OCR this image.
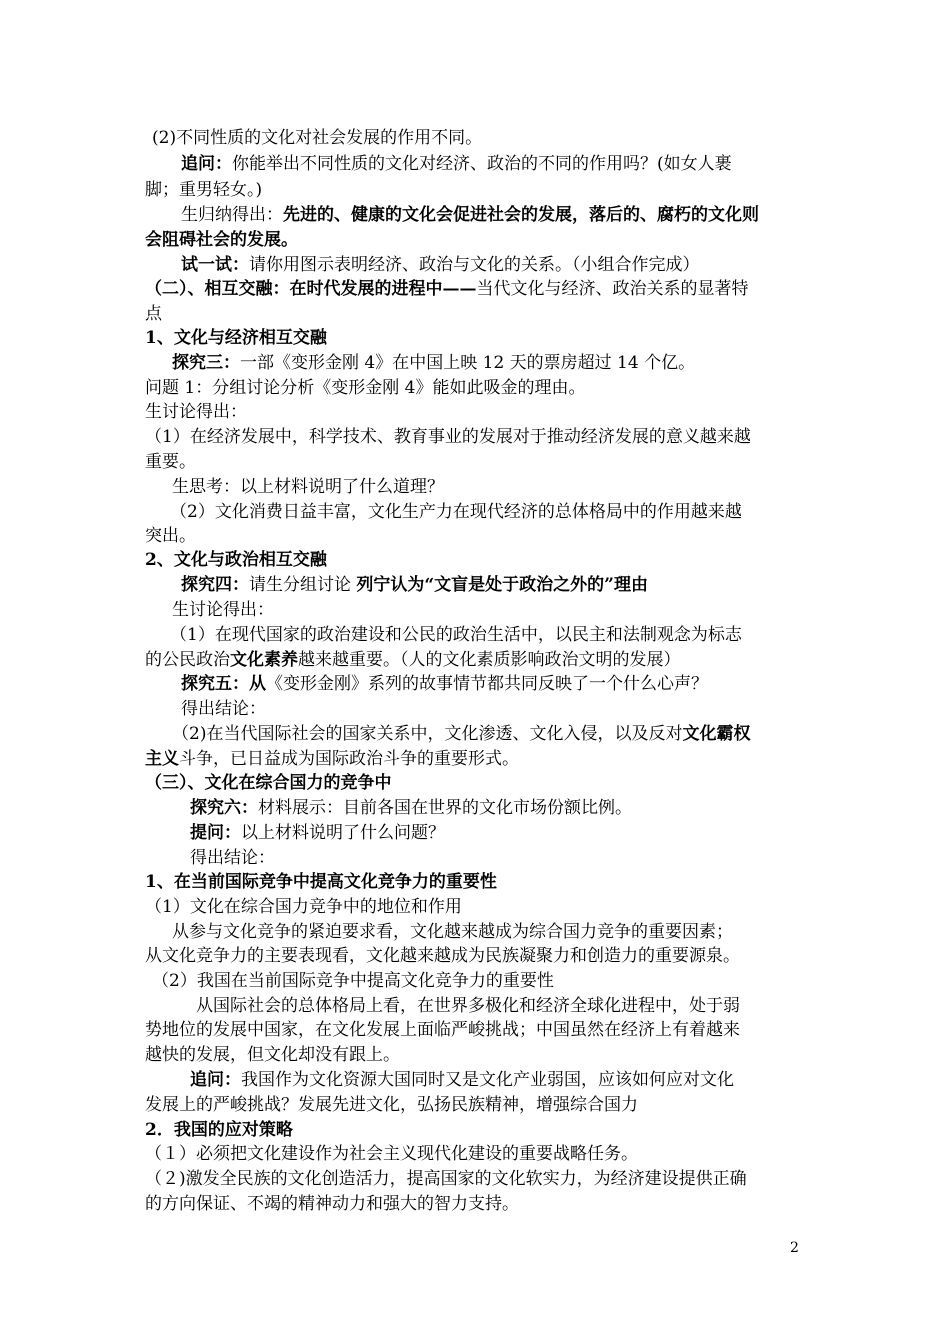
(2)不同性质的文化对社会发展的作用不同。
追问：你能举出不同性质的文化对经济、政治的不同的作用吗？(如女人裹
脚；重男轻女。)
生归纳得出：先进的、健康的文化会促进社会的发展，落后的、腐朽的文化则
会阻碍社会的发展。
试一试：请你用图示表明经济、政治与文化的关系。（小组合作完成）
（二）、相互交融：在时代发展的进程中——当代文化与经济、政治关系的显著特
点
1、文化与经济相互交融
探究三：一部《变形金刚 4》在中国上映 12 天的票房超过 14 个亿。
问题 1：分组讨论分析《变形金刚 4》能如此吸金的理由。
生讨论得出：
（1）在经济发展中，科学技术、教育事业的发展对于推动经济发展的意义越来越
重要。
生思考：以上材料说明了什么道理？
（2）文化消费日益丰富，文化生产力在现代经济的总体格局中的作用越来越
突出。
2、文化与政治相互交融
探究四：请生分组讨论 列宁认为“文盲是处于政治之外的”理由
生讨论得出：
（1）在现代国家的政治建设和公民的政治生活中，以民主和法制观念为标志
的公民政治文化素养越来越重要。（人的文化素质影响政治文明的发展）
探究五：从《变形金刚》系列的故事情节都共同反映了一个什么心声？
得出结论：
（2)在当代国际社会的国家关系中，文化渗透、文化入侵，以及反对文化霸权
主义斗争，已日益成为国际政治斗争的重要形式。
（三）、文化在综合国力的竞争中
探究六：材料展示：目前各国在世界的文化市场份额比例。
提问：以上材料说明了什么问题？
得出结论：
1、在当前国际竞争中提高文化竞争力的重要性
（1）文化在综合国力竞争中的地位和作用
从参与文化竞争的紧迫要求看，文化越来越成为综合国力竞争的重要因素；
从文化竞争力的主要表现看，文化越来越成为民族凝聚力和创造力的重要源泉。
（2）我国在当前国际竞争中提高文化竞争力的重要性
从国际社会的总体格局上看，在世界多极化和经济全球化进程中，处于弱
势地位的发展中国家，在文化发展上面临严峻挑战；中国虽然在经济上有着越来
越快的发展，但文化却没有跟上。
追问：我国作为文化资源大国同时又是文化产业弱国，应该如何应对文化
发展上的严峻挑战？发展先进文化，弘扬民族精神，增强综合国力
2．我国的应对策略
（１）必须把文化建设作为社会主义现代化建设的重要战略任务。
（２)激发全民族的文化创造活力，提高国家的文化软实力，为经济建设提供正确
的方向保证、不竭的精神动力和强大的智力支持。
2
